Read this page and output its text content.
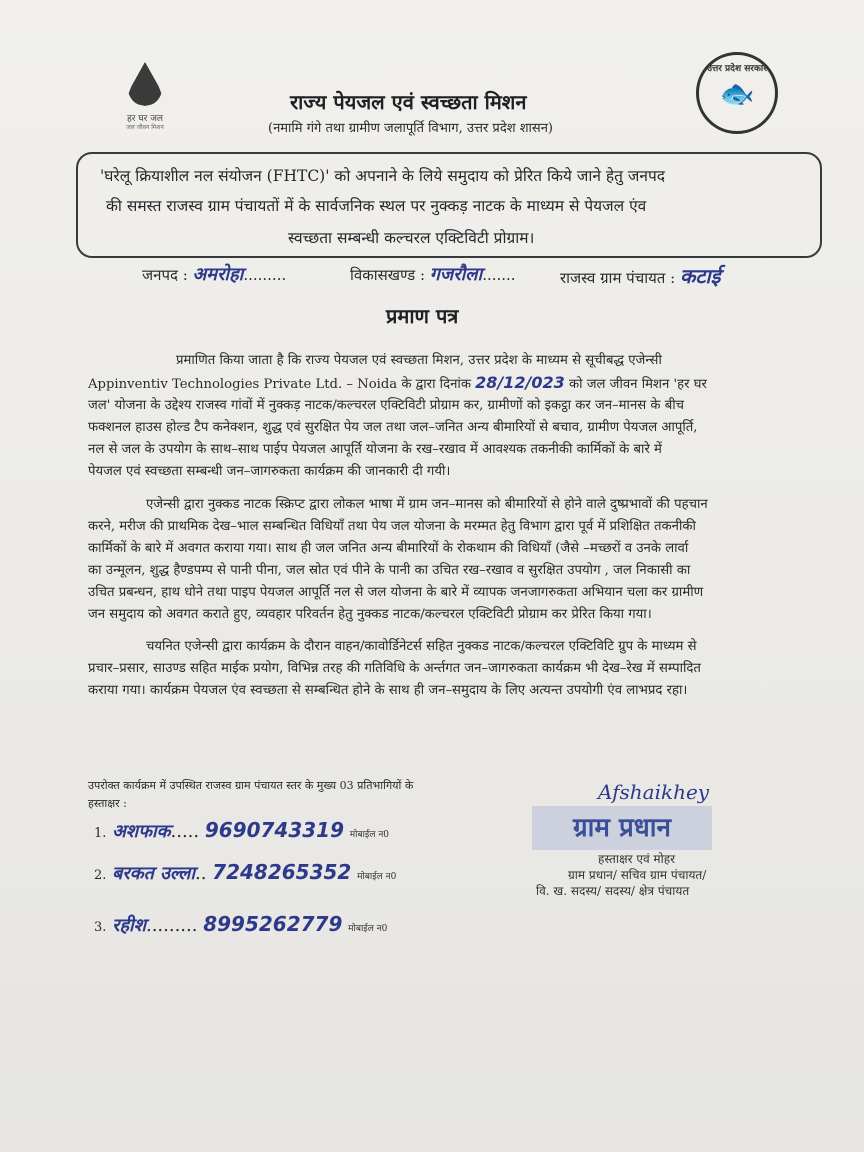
हर घर जल
जल जीवन मिशन
उत्तर प्रदेश सरकार
🐟
राज्य पेयजल एवं स्वच्छता मिशन
(नमामि गंगे तथा ग्रामीण जलापूर्ति विभाग, उत्तर प्रदेश शासन)
'घरेलू क्रियाशील नल संयोजन (FHTC)' को अपनाने के लिये समुदाय को प्रेरित किये जाने हेतु जनपद
की समस्त राजस्व ग्राम पंचायतों में के सार्वजनिक स्थल पर नुक्कड़ नाटक के माध्यम से पेयजल एंव
स्वच्छता सम्बन्धी कल्चरल एक्टिविटी प्रोग्राम।
जनपद : अमरोहा.........	विकासखण्ड : गजरौला.......	राजस्व ग्राम पंचायत : कटाई
प्रमाण पत्र
प्रमाणित किया जाता है कि राज्य पेयजल एवं स्वच्छता मिशन, उत्तर प्रदेश के माध्यम से सूचीबद्ध एजेन्सी
Appinventiv Technologies Private Ltd. – Noida के द्वारा दिनांक 28/12/023 को जल जीवन मिशन 'हर घर
जल' योजना के उद्देश्य राजस्व गांवों में नुक्कड़ नाटक/कल्चरल एक्टिविटी प्रोग्राम कर, ग्रामीणों को इकट्ठा कर जन–मानस के बीच
फक्शनल हाउस होल्ड टैप कनेक्शन, शुद्ध एवं सुरक्षित पेय जल तथा जल–जनित अन्य बीमारियों से बचाव, ग्रामीण पेयजल आपूर्ति,
नल से जल के उपयोग के साथ–साथ पाईप पेयजल आपूर्ति योजना के रख–रखाव में आवश्यक तकनीकी कार्मिकों के बारे में
पेयजल एवं स्वच्छता सम्बन्धी जन–जागरुकता कार्यक्रम की जानकारी दी गयी।
एजेन्सी द्वारा नुक्कड नाटक स्क्रिप्ट द्वारा लोकल भाषा में ग्राम जन–मानस को बीमारियों से होने वाले दुष्प्रभावों की पहचान
करने, मरीज की प्राथमिक देख–भाल सम्बन्धित विधियाँ तथा पेय जल योजना के मरम्मत हेतु विभाग द्वारा पूर्व में प्रशिक्षित तकनीकी
कार्मिकों के बारे में अवगत कराया गया। साथ ही जल जनित अन्य बीमारियों के रोकथाम की विधियाँ (जैसे –मच्छरों व उनके लार्वा
का उन्मूलन, शुद्ध हैण्डपम्प से पानी पीना, जल स्रोत एवं पीने के पानी का उचित रख–रखाव व सुरक्षित उपयोग , जल निकासी का
उचित प्रबन्धन, हाथ धोने तथा पाइप पेयजल आपूर्ति नल से जल योजना के बारे में व्यापक जनजागरुकता अभियान चला कर ग्रामीण
जन समुदाय को अवगत कराते हुए, व्यवहार परिवर्तन हेतु नुक्कड नाटक/कल्चरल एक्टिविटी प्रोग्राम कर प्रेरित किया गया।
चयनित एजेन्सी द्वारा कार्यक्रम के दौरान वाहन/कावोर्डिनेटर्स सहित नुक्कड नाटक/कल्चरल एक्टिविटि ग्रुप के माध्यम से
प्रचार–प्रसार, साउण्ड सहित माईक प्रयोग, विभिन्न तरह की गतिविधि के अर्न्तगत जन–जागरुकता कार्यक्रम भी देख–रेख में सम्पादित
कराया गया। कार्यक्रम पेयजल एंव स्वच्छता से सम्बन्धित होने के साथ ही जन–समुदाय के लिए अत्यन्त उपयोगी एंव लाभप्रद रहा।
उपरोक्त कार्यक्रम में उपस्थित राजस्व ग्राम पंचायत स्तर के मुख्य 03 प्रतिभागियों के
हस्ताक्षर :
1. अशफाक..... 9690743319 मोबाईल न0
2. बरकत उल्ला.. 7248265352 मोबाईल न0
3. रहीश......... 8995262779 मोबाईल न0
Afshaikhey
ग्राम प्रधान
हस्ताक्षर एवं मोहर
ग्राम प्रधान/ सचिव ग्राम पंचायत/
वि. ख. सदस्य/ सदस्य/ क्षेत्र पंचायत
